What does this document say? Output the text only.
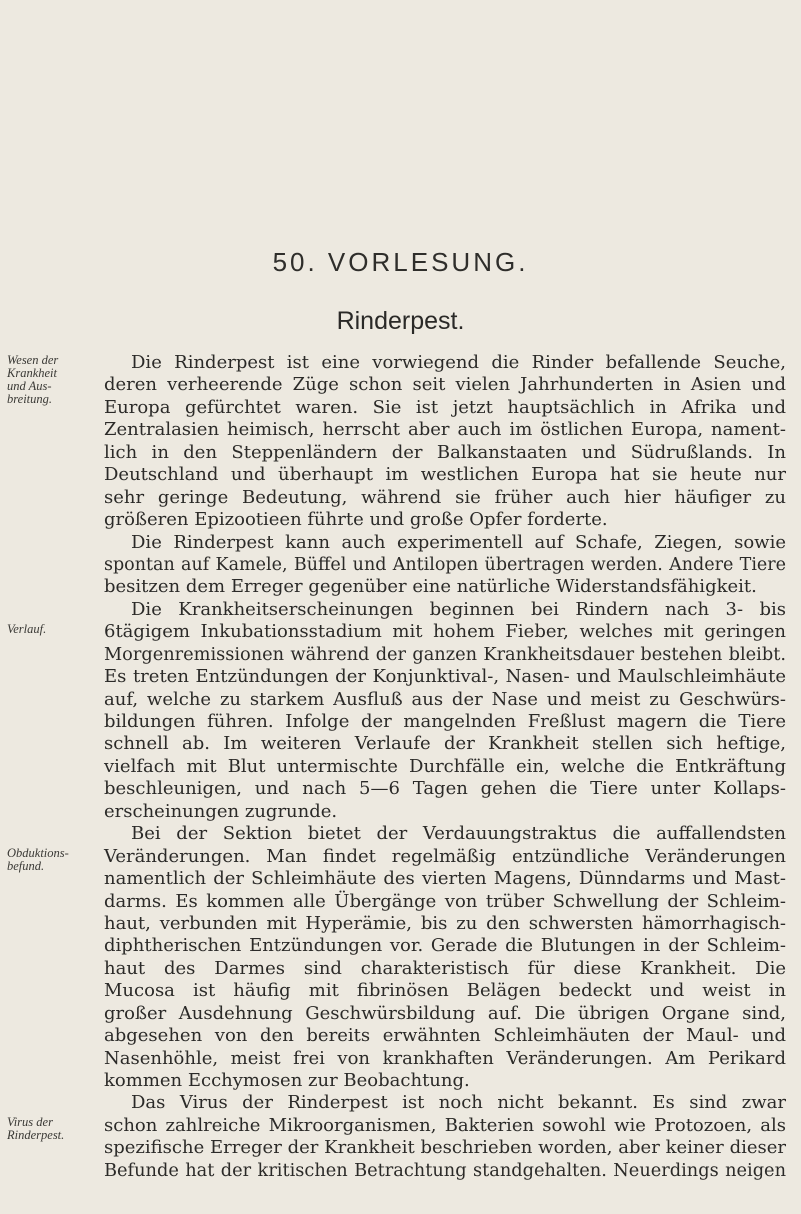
50. VORLESUNG.
Rinderpest.
Wesen der
Krankheit
und Aus-
breitung.
Verlauf.
Obduktions-
befund.
Virus der
Rinderpest.
Die Rinderpest ist eine vorwiegend die Rinder befallende Seuche,
deren verheerende Züge schon seit vielen Jahrhunderten in Asien und
Europa gefürchtet waren. Sie ist jetzt hauptsächlich in Afrika und
Zentralasien heimisch, herrscht aber auch im östlichen Europa, nament-
lich in den Steppenländern der Balkanstaaten und Südrußlands. In
Deutschland und überhaupt im westlichen Europa hat sie heute nur
sehr geringe Bedeutung, während sie früher auch hier häufiger zu
größeren Epizootieen führte und große Opfer forderte.
Die Rinderpest kann auch experimentell auf Schafe, Ziegen, sowie
spontan auf Kamele, Büffel und Antilopen übertragen werden. Andere Tiere
besitzen dem Erreger gegenüber eine natürliche Widerstandsfähigkeit.
Die Krankheitserscheinungen beginnen bei Rindern nach 3- bis
6tägigem Inkubationsstadium mit hohem Fieber, welches mit geringen
Morgenremissionen während der ganzen Krankheitsdauer bestehen bleibt.
Es treten Entzündungen der Konjunktival-, Nasen- und Maulschleimhäute
auf, welche zu starkem Ausfluß aus der Nase und meist zu Geschwürs-
bildungen führen. Infolge der mangelnden Freßlust magern die Tiere
schnell ab. Im weiteren Verlaufe der Krankheit stellen sich heftige,
vielfach mit Blut untermischte Durchfälle ein, welche die Entkräftung
beschleunigen, und nach 5—6 Tagen gehen die Tiere unter Kollaps-
erscheinungen zugrunde.
Bei der Sektion bietet der Verdauungstraktus die auffallendsten
Veränderungen. Man findet regelmäßig entzündliche Veränderungen
namentlich der Schleimhäute des vierten Magens, Dünndarms und Mast-
darms. Es kommen alle Übergänge von trüber Schwellung der Schleim-
haut, verbunden mit Hyperämie, bis zu den schwersten hämorrhagisch-
diphtherischen Entzündungen vor. Gerade die Blutungen in der Schleim-
haut des Darmes sind charakteristisch für diese Krankheit. Die
Mucosa ist häufig mit fibrinösen Belägen bedeckt und weist in
großer Ausdehnung Geschwürsbildung auf. Die übrigen Organe sind,
abgesehen von den bereits erwähnten Schleimhäuten der Maul- und
Nasenhöhle, meist frei von krankhaften Veränderungen. Am Perikard
kommen Ecchymosen zur Beobachtung.
Das Virus der Rinderpest ist noch nicht bekannt. Es sind zwar
schon zahlreiche Mikroorganismen, Bakterien sowohl wie Protozoen, als
spezifische Erreger der Krankheit beschrieben worden, aber keiner dieser
Befunde hat der kritischen Betrachtung standgehalten. Neuerdings neigen
